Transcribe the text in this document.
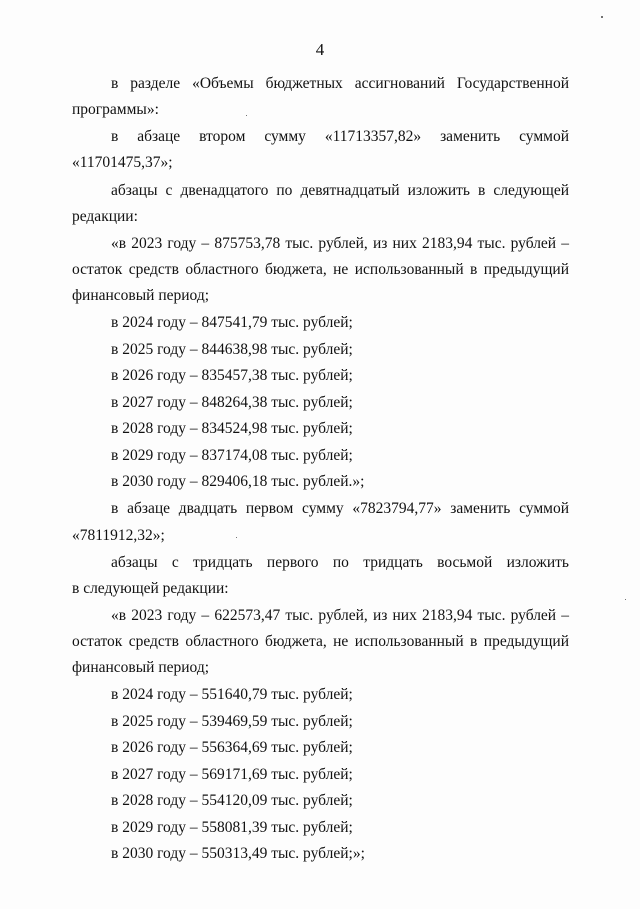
4
в разделе «Объемы бюджетных ассигнований Государственной
программы»:
в абзаце втором сумму «11713357,82» заменить суммой
«11701475,37»;
абзацы с двенадцатого по девятнадцатый изложить в следующей
редакции:
«в 2023 году – 875753,78 тыс. рублей, из них 2183,94 тыс. рублей –
остаток средств областного бюджета, не использованный в предыдущий
финансовый период;
в 2024 году – 847541,79 тыс. рублей;
в 2025 году – 844638,98 тыс. рублей;
в 2026 году – 835457,38 тыс. рублей;
в 2027 году – 848264,38 тыс. рублей;
в 2028 году – 834524,98 тыс. рублей;
в 2029 году – 837174,08 тыс. рублей;
в 2030 году – 829406,18 тыс. рублей.»;
в абзаце двадцать первом сумму «7823794,77» заменить суммой
«7811912,32»;
абзацы с тридцать первого по тридцать восьмой изложить
в следующей редакции:
«в 2023 году – 622573,47 тыс. рублей, из них 2183,94 тыс. рублей –
остаток средств областного бюджета, не использованный в предыдущий
финансовый период;
в 2024 году – 551640,79 тыс. рублей;
в 2025 году – 539469,59 тыс. рублей;
в 2026 году – 556364,69 тыс. рублей;
в 2027 году – 569171,69 тыс. рублей;
в 2028 году – 554120,09 тыс. рублей;
в 2029 году – 558081,39 тыс. рублей;
в 2030 году – 550313,49 тыс. рублей;»;
